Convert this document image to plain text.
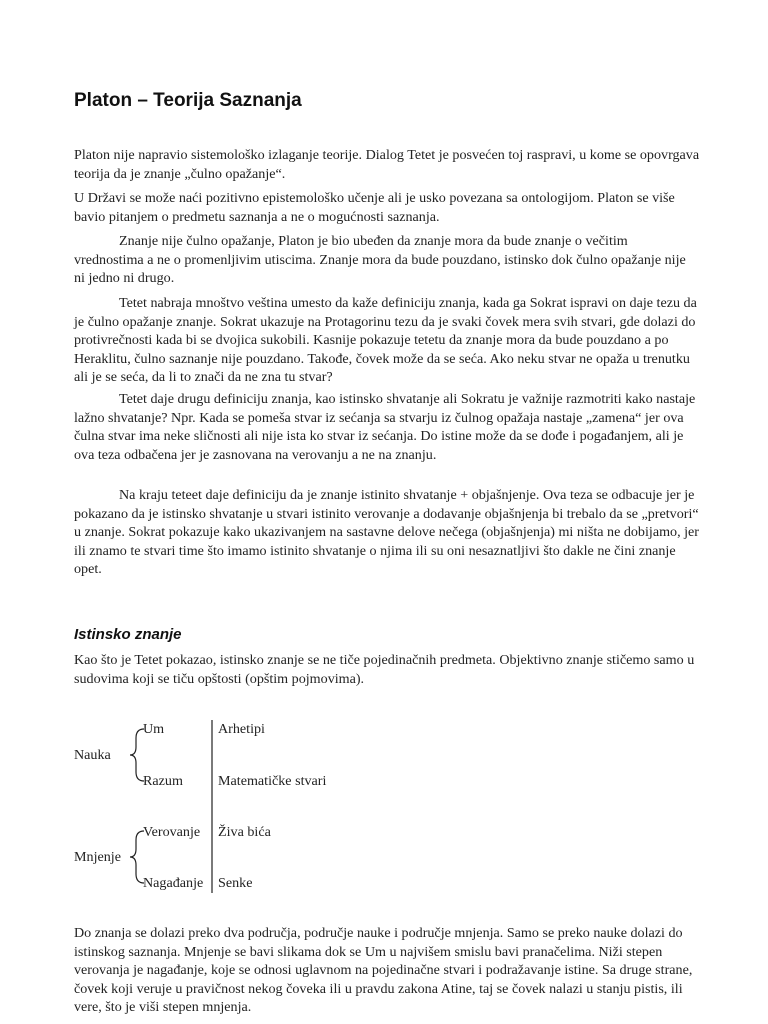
Platon – Teorija Saznanja

Platon nije napravio sistemološko izlaganje teorije. Dialog Tetet je posvećen toj raspravi, u kome se opovrgava teorija da je znanje „čulno opažanje“.

U Državi se može naći pozitivno epistemološko učenje ali je usko povezana sa ontologijom. Platon se više bavio pitanjem o predmetu saznanja a ne o mogućnosti saznanja.

Znanje nije čulno opažanje, Platon je bio ubeđen da znanje mora da bude znanje o večitim vrednostima a ne o promenljivim utiscima. Znanje mora da bude pouzdano, istinsko dok čulno opažanje nije ni jedno ni drugo.

Tetet nabraja mnoštvo veština umesto da kaže definiciju znanja, kada ga Sokrat ispravi on daje tezu da je čulno opažanje znanje. Sokrat ukazuje na Protagorinu tezu da je svaki čovek mera svih stvari, gde dolazi do protivrečnosti kada bi se dvojica sukobili. Kasnije pokazuje tetetu da znanje mora da bude pouzdano a po Heraklitu, čulno saznanje nije pouzdano. Takođe, čovek može da se seća. Ako neku stvar ne opaža u trenutku ali je se seća, da li to znači da ne zna tu stvar?

Tetet daje drugu definiciju znanja, kao istinsko shvatanje ali Sokratu je važnije razmotriti kako nastaje lažno shvatanje? Npr. Kada se pomeša stvar iz sećanja sa stvarju iz čulnog opažaja nastaje „zamena“ jer ova čulna stvar ima neke sličnosti ali nije ista ko stvar iz sećanja. Do istine može da se dođe i pogađanjem, ali je ova teza odbačena jer je zasnovana na verovanju a ne na znanju.

Na kraju teteet daje definiciju da je znanje istinito shvatanje + objašnjenje. Ova teza se odbacuje jer je pokazano da je istinsko shvatanje u stvari istinito verovanje a dodavanje objašnjenja bi trebalo da se „pretvori“ u znanje. Sokrat pokazuje kako ukazivanjem na sastavne delove nečega (objašnjenja) mi ništa ne dobijamo, jer ili znamo te stvari time što imamo istinito shvatanje o njima ili su oni nesaznatljivi što dakle ne čini znanje opet.

Istinsko znanje

Kao što je Tetet pokazao, istinsko znanje se ne tiče pojedinačnih predmeta. Objektivno znanje stičemo samo u sudovima koji se tiču opštosti (opštim pojmovima).

Nauka
Um
Razum
Mnjenje
Verovanje
Nagađanje
Arhetipi
Matematičke stvari
Živa bića
Senke

Do znanja se dolazi preko dva područja, područje nauke i područje mnjenja. Samo se preko nauke dolazi do istinskog saznanja. Mnjenje se bavi slikama dok se Um u najvišem smislu bavi pranačelima. Niži stepen verovanja je nagađanje, koje se odnosi uglavnom na pojedinačne stvari i podražavanje istine. Sa druge strane, čovek koji veruje u pravičnost nekog čoveka ili u pravdu zakona Atine, taj se čovek nalazi u stanju pistis, ili vere, što je viši stepen mnjenja.
